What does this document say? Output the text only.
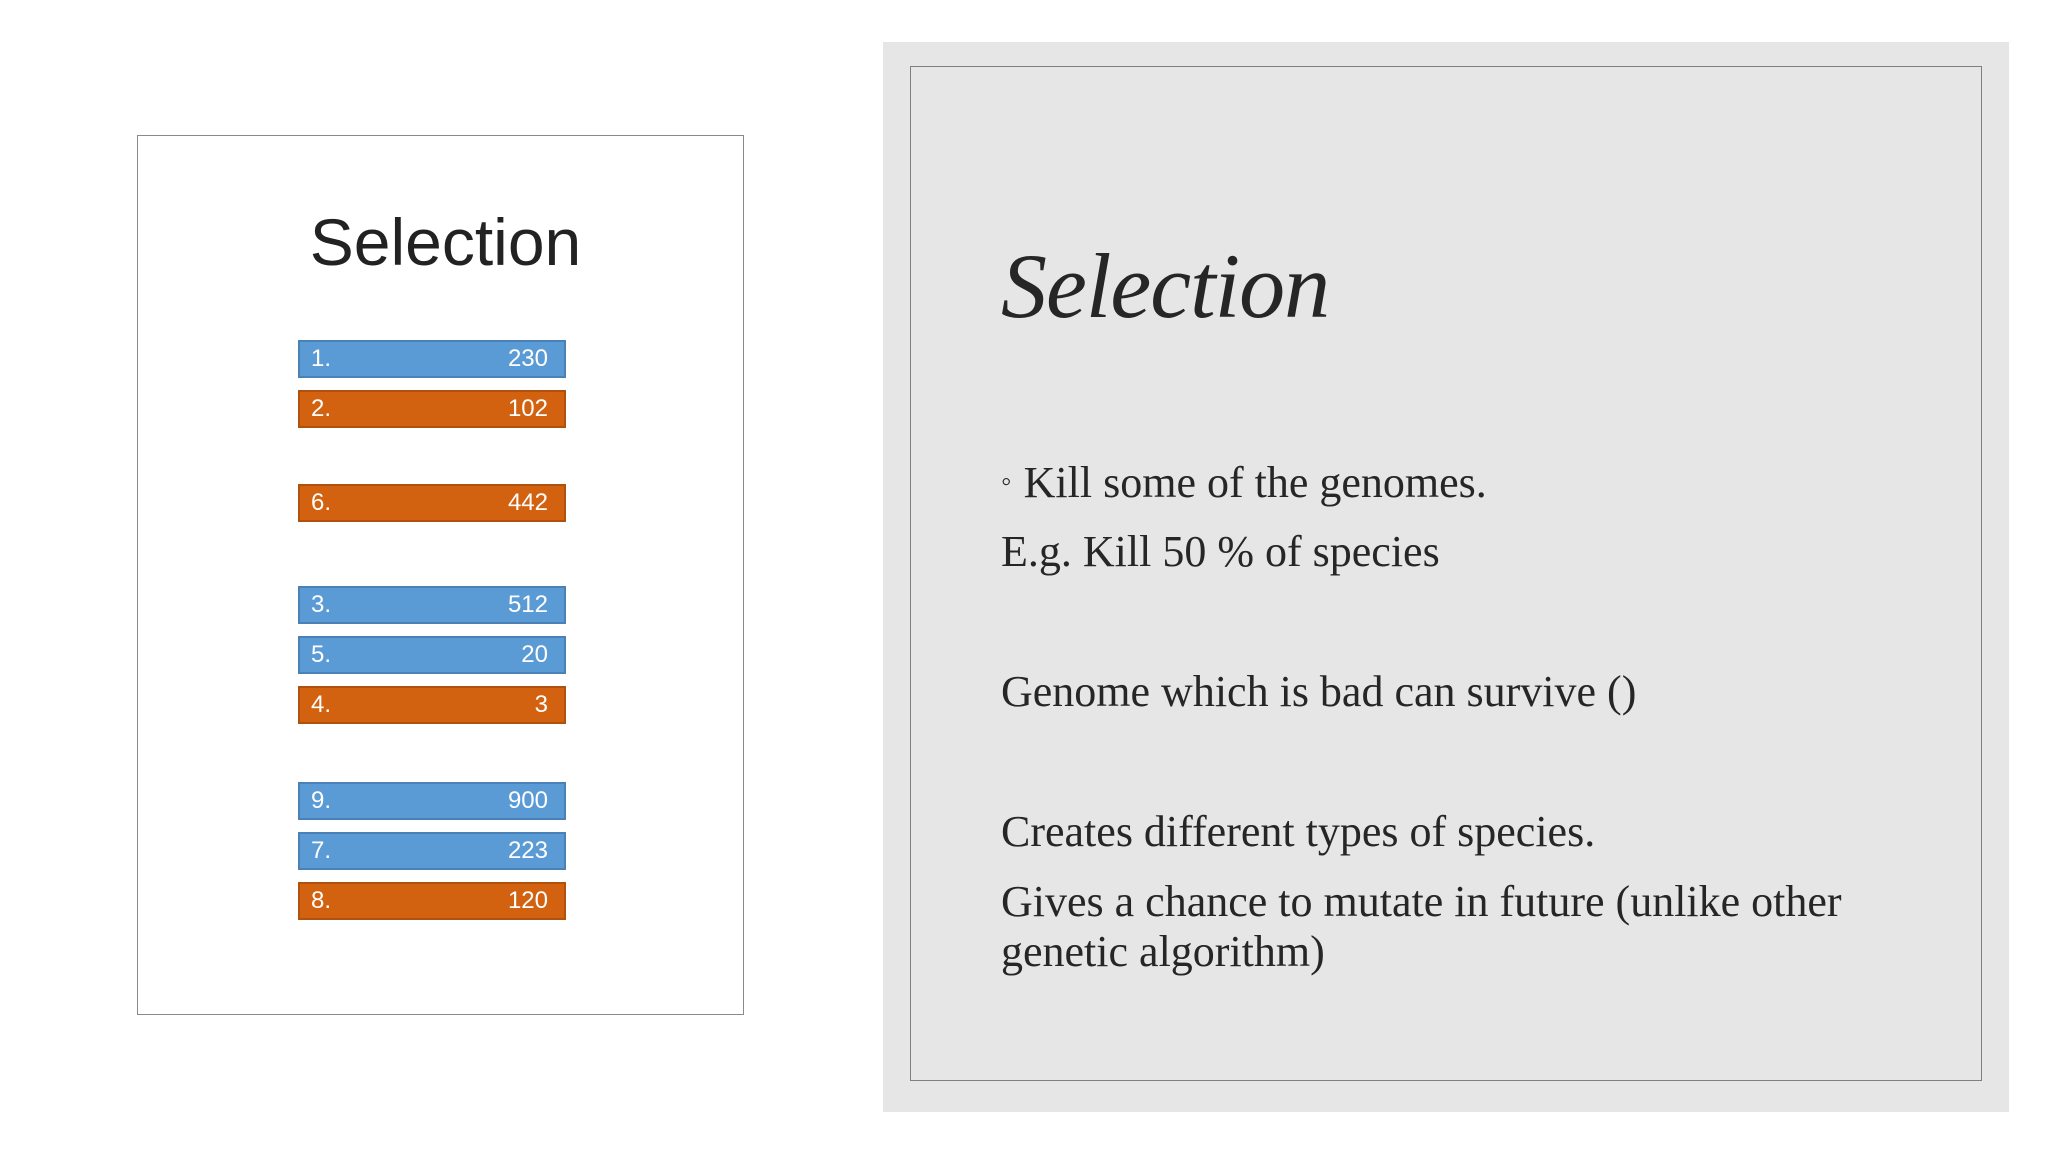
Selection
1.	230
2.	102
6.	442
3.	512
5.	20
4.	3
9.	900
7.	223
8.	120
Selection
◦ Kill some of the genomes.
E.g. Kill 50 % of species
Genome which is bad can survive ()
Creates different types of species.
Gives a chance to mutate in future (unlike other genetic algorithm)
